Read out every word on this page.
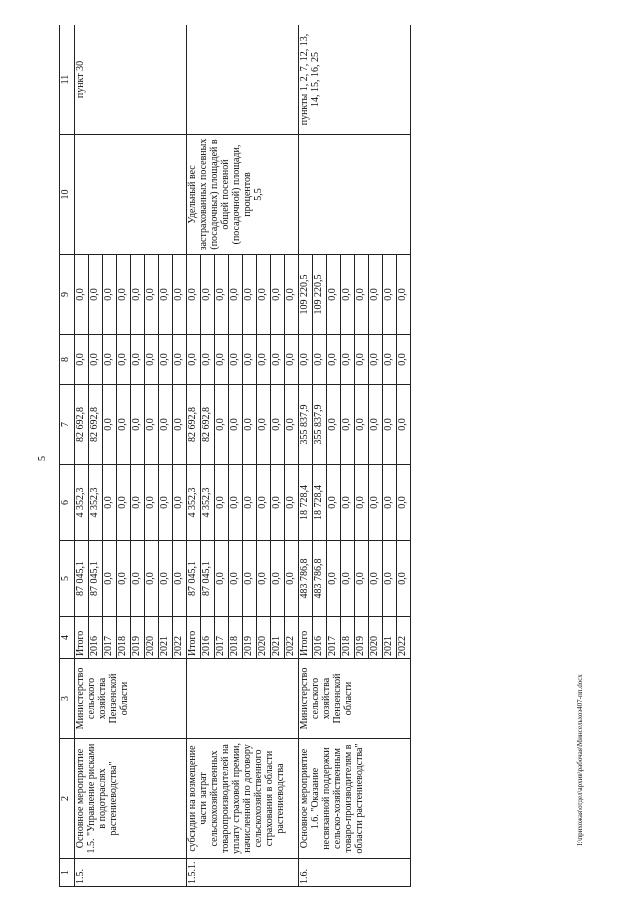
5
1	2	3	4	5	6	7	8	9	10	11
1.5.	Основное мероприятие 1.5. "Управление рисками в подотраслях растениеводства"	Министерство сельского хозяйства Пензенской области	Итого	87 045,1	4 352,3	82 692,8	0,0	0,0		пункт 30
			2016	87 045,1	4 352,3	82 692,8	0,0	0,0		
			2017	0,0	0,0	0,0	0,0	0,0		
			2018	0,0	0,0	0,0	0,0	0,0		
			2019	0,0	0,0	0,0	0,0	0,0		
			2020	0,0	0,0	0,0	0,0	0,0		
			2021	0,0	0,0	0,0	0,0	0,0		
			2022	0,0	0,0	0,0	0,0	0,0		
1.5.1.	субсидии на возмещение части затрат сельскохозяйственных товаропроизводителей на уплату страховой премии, начисленной по договору сельскохозяйственного страхования в области растениеводства		Итого	87 045,1	4 352,3	82 692,8	0,0	0,0	Удельный вес застрахованных посевных (посадочных) площадей в общей посевной (посадочной) площади, процентов 5,5	

			2016	87 045,1	4 352,3	82 692,8	0,0	0,0		
			2017	0,0	0,0	0,0	0,0	0,0		
			2018	0,0	0,0	0,0	0,0	0,0		
			2019	0,0	0,0	0,0	0,0	0,0		
			2020	0,0	0,0	0,0	0,0	0,0		
			2021	0,0	0,0	0,0	0,0	0,0		
			2022	0,0	0,0	0,0	0,0	0,0		
1.6.	Основное мероприятие 1.6. "Оказание несвязанной поддержки сельско-хозяйственным товаро-производителям в области растениеводства"	Министерство сельского хозяйства Пензенской области	Итого	483 786,8	18 728,4	355 837,9	0,0	109 220,5		пункты 1, 2, 7, 12, 13, 14, 15, 16, 25
			2016	483 786,8	18 728,4	355 837,9	0,0	109 220,5		
			2017	0,0	0,0	0,0	0,0	0,0		
			2018	0,0	0,0	0,0	0,0	0,0		
			2019	0,0	0,0	0,0	0,0	0,0		
			2020	0,0	0,0	0,0	0,0	0,0		
			2021	0,0	0,0	0,0	0,0	0,0		
			2022	0,0	0,0	0,0	0,0	0,0		
I:\прихожая\отдел\архив\рабочая\Минсельхоз407-пп.docx
